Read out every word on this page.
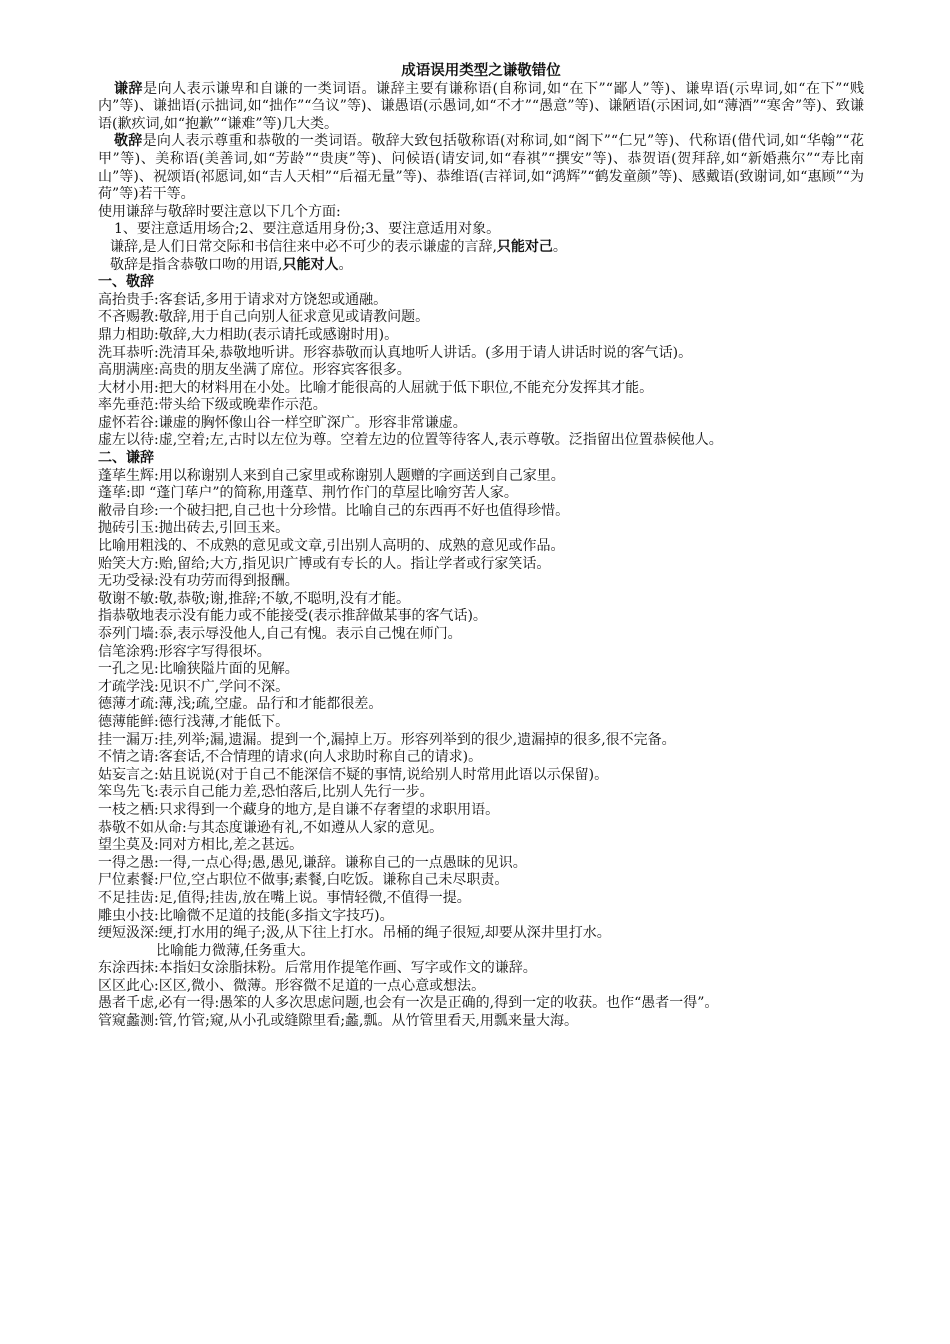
成语误用类型之谦敬错位

谦辞是向人表示谦卑和自谦的一类词语。谦辞主要有谦称语(自称词,如“在下”“鄙人”等)、谦卑语(示卑词,如“在下”“贱内”等)、谦拙语(示拙词,如“拙作”“刍议”等)、谦愚语(示愚词,如“不才”“愚意”等)、谦陋语(示困词,如“薄酒”“寒舍”等)、致谦语(歉疚词,如“抱歉”“谦难”等)几大类。

敬辞是向人表示尊重和恭敬的一类词语。敬辞大致包括敬称语(对称词,如“阁下”“仁兄”等)、代称语(借代词,如“华翰”“花甲”等)、美称语(美善词,如“芳龄”“贵庚”等)、问候语(请安词,如“春祺”“撰安”等)、恭贺语(贺拜辞,如“新婚燕尔”“寿比南山”等)、祝颂语(祁愿词,如“吉人天相”“后福无量”等)、恭维语(吉祥词,如“鸿辉”“鹤发童颜”等)、感戴语(致谢词,如“惠顾”“为荷”等)若干等。

使用谦辞与敬辞时要注意以下几个方面:

1、要注意适用场合;2、要注意适用身份;3、要注意适用对象。

谦辞,是人们日常交际和书信往来中必不可少的表示谦虚的言辞,只能对己。

敬辞是指含恭敬口吻的用语,只能对人。

一、敬辞

高抬贵手:客套话,多用于请求对方饶恕或通融。

不吝赐教:敬辞,用于自己向别人征求意见或请教问题。

鼎力相助:敬辞,大力相助(表示请托或感谢时用)。

洗耳恭听:洗清耳朵,恭敬地听讲。形容恭敬而认真地听人讲话。(多用于请人讲话时说的客气话)。

高朋满座:高贵的朋友坐满了席位。形容宾客很多。

大材小用:把大的材料用在小处。比喻才能很高的人屈就于低下职位,不能充分发挥其才能。

率先垂范:带头给下级或晚辈作示范。

虚怀若谷:谦虚的胸怀像山谷一样空旷深广。形容非常谦虚。

虚左以待:虚,空着;左,古时以左位为尊。空着左边的位置等待客人,表示尊敬。泛指留出位置恭候他人。

二、谦辞

蓬荜生辉:用以称谢别人来到自己家里或称谢别人题赠的字画送到自己家里。

蓬荜:即 “蓬门荜户”的简称,用蓬草、荆竹作门的草屋比喻穷苦人家。

敝帚自珍:一个破扫把,自己也十分珍惜。比喻自己的东西再不好也值得珍惜。

抛砖引玉:抛出砖去,引回玉来。

比喻用粗浅的、不成熟的意见或文章,引出别人高明的、成熟的意见或作品。

贻笑大方:贻,留给;大方,指见识广博或有专长的人。指让学者或行家笑话。

无功受禄:没有功劳而得到报酬。

敬谢不敏:敬,恭敬;谢,推辞;不敏,不聪明,没有才能。

指恭敬地表示没有能力或不能接受(表示推辞做某事的客气话)。

忝列门墙:忝,表示辱没他人,自己有愧。表示自己愧在师门。

信笔涂鸦:形容字写得很坏。

一孔之见:比喻狭隘片面的见解。

才疏学浅:见识不广,学问不深。

德薄才疏:薄,浅;疏,空虚。品行和才能都很差。

德薄能鲜:德行浅薄,才能低下。

挂一漏万:挂,列举;漏,遗漏。提到一个,漏掉上万。形容列举到的很少,遗漏掉的很多,很不完备。

不情之请:客套话,不合情理的请求(向人求助时称自己的请求)。

姑妄言之:姑且说说(对于自己不能深信不疑的事情,说给别人时常用此语以示保留)。

笨鸟先飞:表示自己能力差,恐怕落后,比别人先行一步。

一枝之栖:只求得到一个藏身的地方,是自谦不存奢望的求职用语。

恭敬不如从命:与其态度谦逊有礼,不如遵从人家的意见。

望尘莫及:同对方相比,差之甚远。

一得之愚:一得,一点心得;愚,愚见,谦辞。谦称自己的一点愚昧的见识。

尸位素餐:尸位,空占职位不做事;素餐,白吃饭。谦称自己未尽职责。

不足挂齿:足,值得;挂齿,放在嘴上说。事情轻微,不值得一提。

雕虫小技:比喻微不足道的技能(多指文字技巧)。

绠短汲深:绠,打水用的绳子;汲,从下往上打水。吊桶的绳子很短,却要从深井里打水。

比喻能力微薄,任务重大。

东涂西抹:本指妇女涂脂抹粉。后常用作提笔作画、写字或作文的谦辞。

区区此心:区区,微小、微薄。形容微不足道的一点心意或想法。

愚者千虑,必有一得:愚笨的人多次思虑问题,也会有一次是正确的,得到一定的收获。也作“愚者一得”。

管窥蠡测:管,竹管;窥,从小孔或缝隙里看;蠡,瓢。从竹管里看天,用瓢来量大海。
